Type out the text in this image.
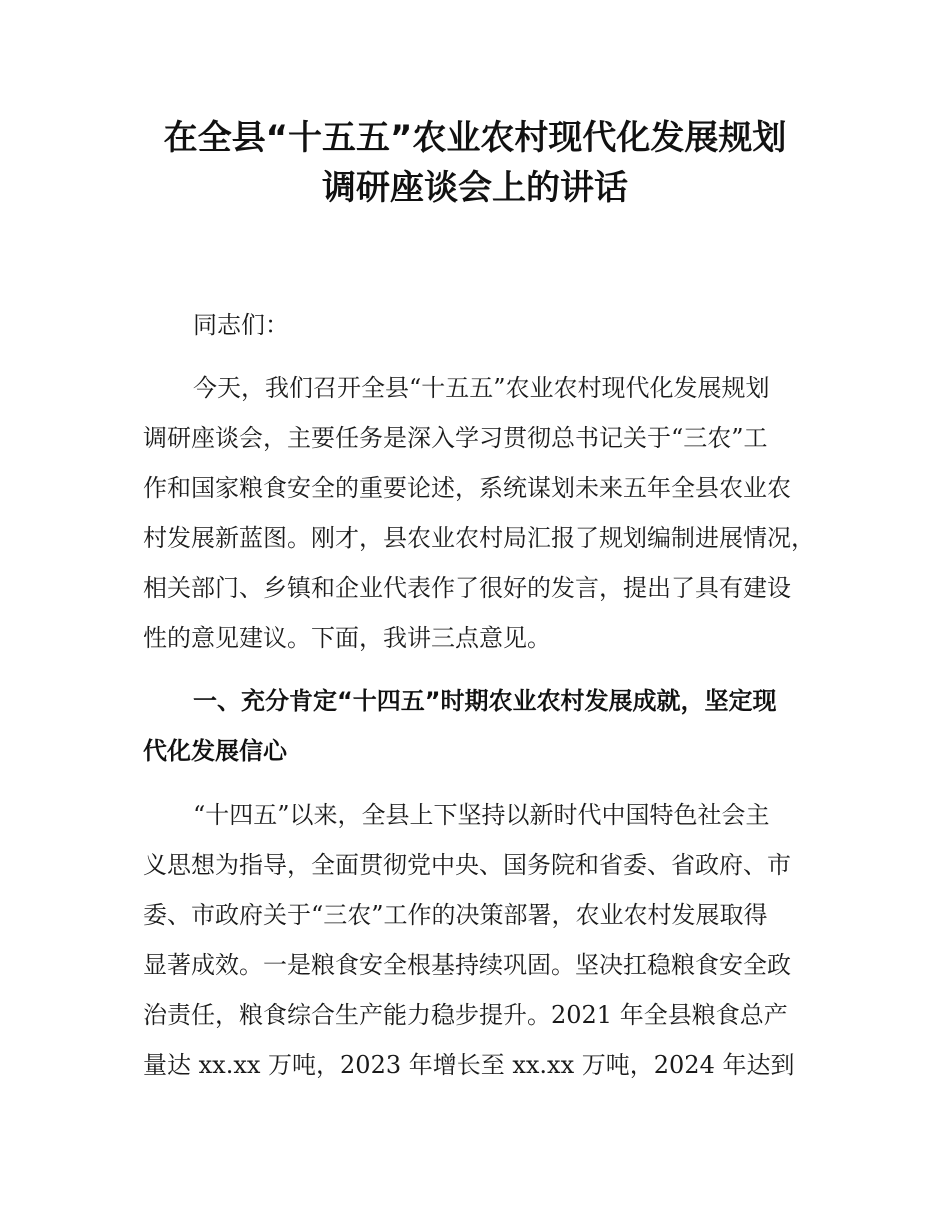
在全县“十五五”农业农村现代化发展规划
调研座谈会上的讲话
同志们：
今天，我们召开全县“十五五”农业农村现代化发展规划
调研座谈会，主要任务是深入学习贯彻总书记关于“三农”工
作和国家粮食安全的重要论述，系统谋划未来五年全县农业农
村发展新蓝图。刚才，县农业农村局汇报了规划编制进展情况，
相关部门、乡镇和企业代表作了很好的发言，提出了具有建设
性的意见建议。下面，我讲三点意见。
一、充分肯定“十四五”时期农业农村发展成就，坚定现
代化发展信心
“十四五”以来，全县上下坚持以新时代中国特色社会主
义思想为指导，全面贯彻党中央、国务院和省委、省政府、市
委、市政府关于“三农”工作的决策部署，农业农村发展取得
显著成效。一是粮食安全根基持续巩固。坚决扛稳粮食安全政
治责任，粮食综合生产能力稳步提升。2021 年全县粮食总产
量达 xx.xx 万吨，2023 年增长至 xx.xx 万吨，2024 年达到
